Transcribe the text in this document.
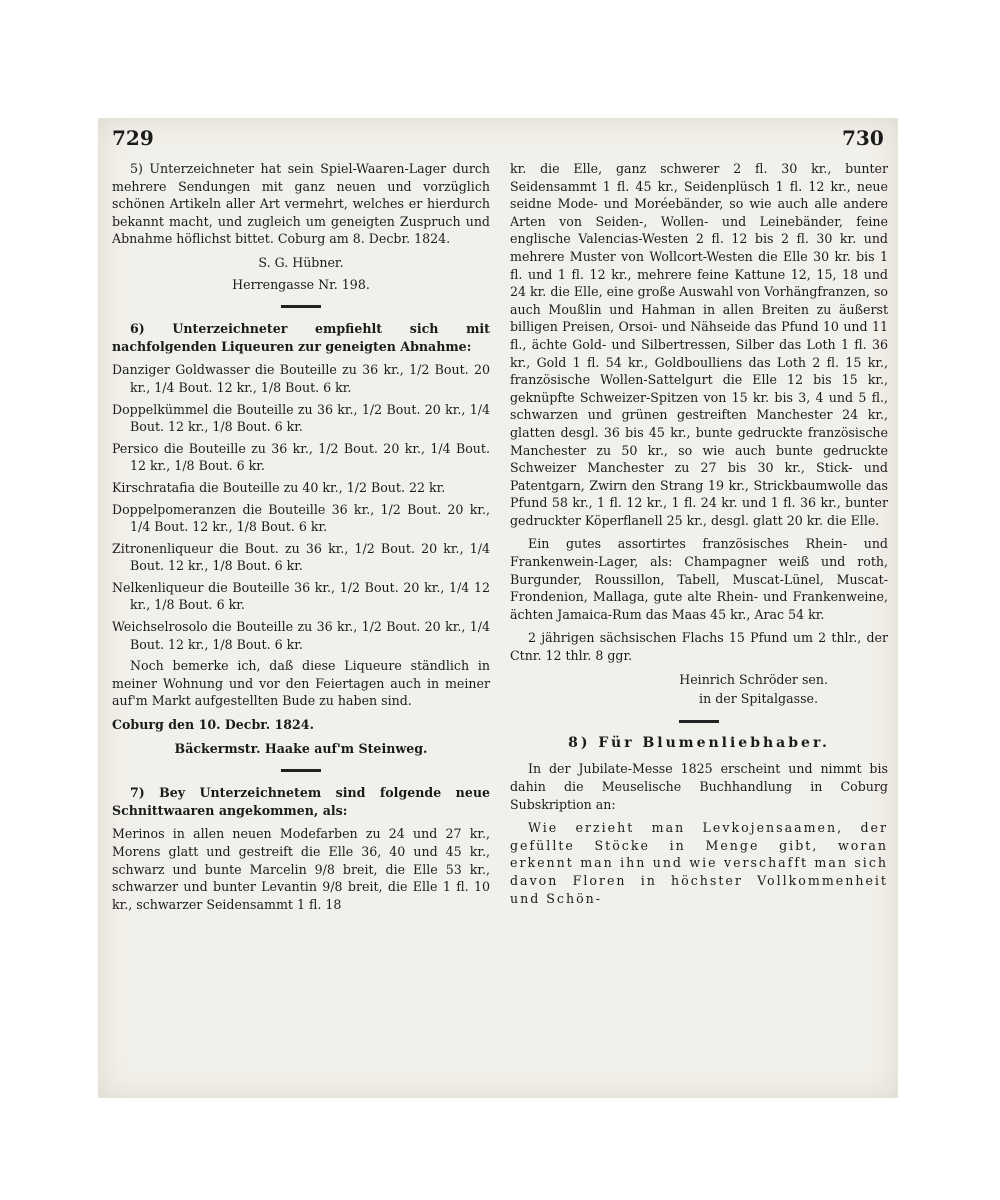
729	730

5) Unterzeichneter hat sein Spiel-Waaren-Lager durch mehrere Sendungen mit ganz neuen und vorzüglich schönen Artikeln aller Art vermehrt, welches er hierdurch bekannt macht, und zugleich um geneigten Zuspruch und Abnahme höflichst bittet. Coburg am 8. Decbr. 1824.

S. G. Hübner.

Herrengasse Nr. 198.

6) Unterzeichneter empfiehlt sich mit nachfolgenden Liqueuren zur geneigten Abnahme:

Danziger Goldwasser die Bouteille zu 36 kr., 1/2 Bout. 20 kr., 1/4 Bout. 12 kr., 1/8 Bout. 6 kr.

Doppelkümmel die Bouteille zu 36 kr., 1/2 Bout. 20 kr., 1/4 Bout. 12 kr., 1/8 Bout. 6 kr.

Persico die Bouteille zu 36 kr., 1/2 Bout. 20 kr., 1/4 Bout. 12 kr., 1/8 Bout. 6 kr.

Kirschratafia die Bouteille zu 40 kr., 1/2 Bout. 22 kr.

Doppelpomeranzen die Bouteille 36 kr., 1/2 Bout. 20 kr., 1/4 Bout. 12 kr., 1/8 Bout. 6 kr.

Zitronenliqueur die Bout. zu 36 kr., 1/2 Bout. 20 kr., 1/4 Bout. 12 kr., 1/8 Bout. 6 kr.

Nelkenliqueur die Bouteille 36 kr., 1/2 Bout. 20 kr., 1/4 12 kr., 1/8 Bout. 6 kr.

Weichselrosolo die Bouteille zu 36 kr., 1/2 Bout. 20 kr., 1/4 Bout. 12 kr., 1/8 Bout. 6 kr.

Noch bemerke ich, daß diese Liqueure ständlich in meiner Wohnung und vor den Feiertagen auch in meiner auf'm Markt aufgestellten Bude zu haben sind.

Coburg den 10. Decbr. 1824.

Bäckermstr. Haake auf'm Steinweg.

7) Bey Unterzeichnetem sind folgende neue Schnittwaaren angekommen, als:

Merinos in allen neuen Modefarben zu 24 und 27 kr., Morens glatt und gestreift die Elle 36, 40 und 45 kr., schwarz und bunte Marcelin 9/8 breit, die Elle 53 kr., schwarzer und bunter Levantin 9/8 breit, die Elle 1 fl. 10 kr., schwarzer Seidensammt 1 fl. 18

kr. die Elle, ganz schwerer 2 fl. 30 kr., bunter Seidensammt 1 fl. 45 kr., Seidenplüsch 1 fl. 12 kr., neue seidne Mode- und Moréebänder, so wie auch alle andere Arten von Seiden-, Wollen- und Leinebänder, feine englische Valencias-Westen 2 fl. 12 bis 2 fl. 30 kr. und mehrere Muster von Wollcort-Westen die Elle 30 kr. bis 1 fl. und 1 fl. 12 kr., mehrere feine Kattune 12, 15, 18 und 24 kr. die Elle, eine große Auswahl von Vorhängfranzen, so auch Moußlin und Hahman in allen Breiten zu äußerst billigen Preisen, Orsoi- und Nähseide das Pfund 10 und 11 fl., ächte Gold- und Silbertressen, Silber das Loth 1 fl. 36 kr., Gold 1 fl. 54 kr., Goldboulliens das Loth 2 fl. 15 kr., französische Wollen-Sattelgurt die Elle 12 bis 15 kr., geknüpfte Schweizer-Spitzen von 15 kr. bis 3, 4 und 5 fl., schwarzen und grünen gestreiften Manchester 24 kr., glatten desgl. 36 bis 45 kr., bunte gedruckte französische Manchester zu 50 kr., so wie auch bunte gedruckte Schweizer Manchester zu 27 bis 30 kr., Stick- und Patentgarn, Zwirn den Strang 19 kr., Strickbaumwolle das Pfund 58 kr., 1 fl. 12 kr., 1 fl. 24 kr. und 1 fl. 36 kr., bunter gedruckter Köperflanell 25 kr., desgl. glatt 20 kr. die Elle.

Ein gutes assortirtes französisches Rhein- und Frankenwein-Lager, als: Champagner weiß und roth, Burgunder, Roussillon, Tabell, Muscat-Lünel, Muscat-Frondenion, Mallaga, gute alte Rhein- und Frankenweine, ächten Jamaica-Rum das Maas 45 kr., Arac 54 kr.

2 jährigen sächsischen Flachs 15 Pfund um 2 thlr., der Ctnr. 12 thlr. 8 ggr.

Heinrich Schröder sen.

in der Spitalgasse.

8) Für Blumenliebhaber.

In der Jubilate-Messe 1825 erscheint und nimmt bis dahin die Meuselische Buchhandlung in Coburg Subskription an:

Wie erzieht man Levkojensaamen, der gefüllte Stöcke in Menge gibt, woran erkennt man ihn und wie verschafft man sich davon Floren in höchster Vollkommenheit und Schön-
